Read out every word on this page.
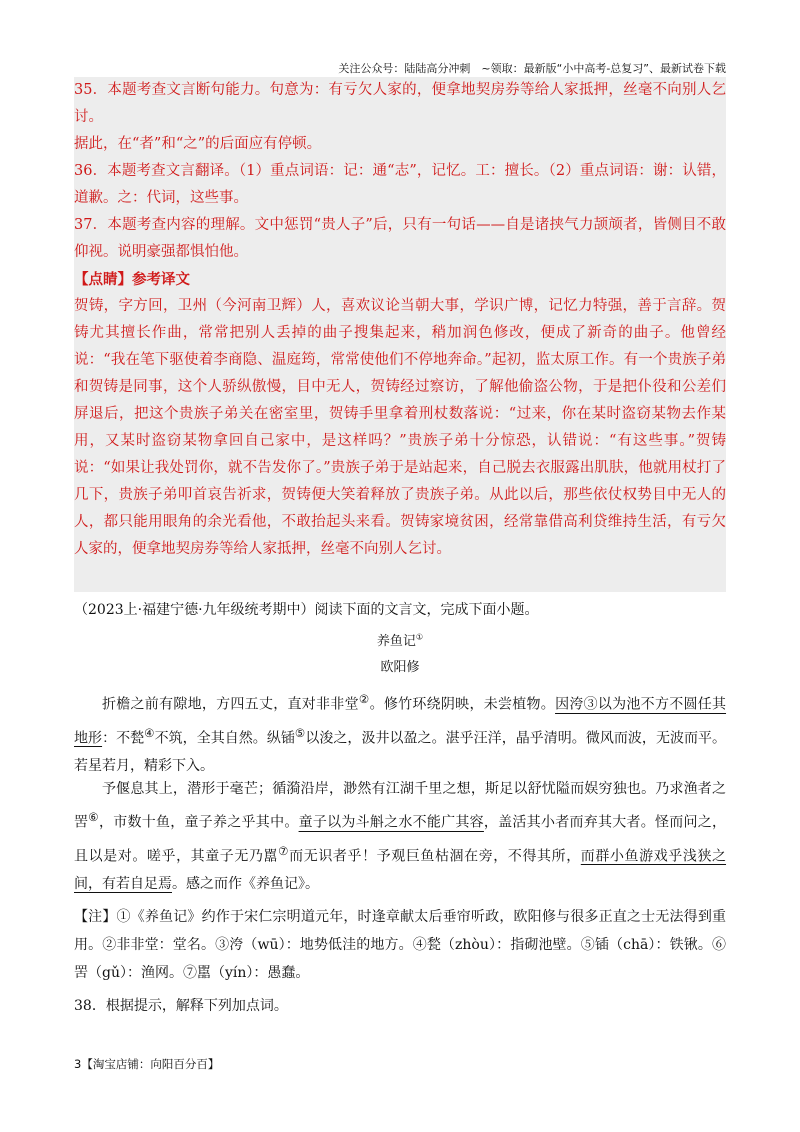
关注公众号：陆陆高分冲刺　~领取：最新版“小中高考-总复习”、最新试卷下载

35．本题考查文言断句能力。句意为：有亏欠人家的，便拿地契房券等给人家抵押，丝毫不向别人乞讨。

据此，在“者”和“之”的后面应有停顿。

36．本题考查文言翻译。（1）重点词语：记：通“志”，记忆。工：擅长。（2）重点词语：谢：认错，道歉。之：代词，这些事。

37．本题考查内容的理解。文中惩罚“贵人子”后，只有一句话——自是诸挟气力颉颃者，皆侧目不敢仰视。说明豪强都惧怕他。

【点睛】参考译文

贺铸，字方回，卫州（今河南卫辉）人，喜欢议论当朝大事，学识广博，记忆力特强，善于言辞。贺铸尤其擅长作曲，常常把别人丢掉的曲子搜集起来，稍加润色修改，便成了新奇的曲子。他曾经说：“我在笔下驱使着李商隐、温庭筠，常常使他们不停地奔命。”起初，监太原工作。有一个贵族子弟和贺铸是同事，这个人骄纵傲慢，目中无人，贺铸经过察访，了解他偷盗公物，于是把仆役和公差们屏退后，把这个贵族子弟关在密室里，贺铸手里拿着刑杖数落说：“过来，你在某时盗窃某物去作某用，又某时盗窃某物拿回自己家中，是这样吗？”贵族子弟十分惊恐，认错说：“有这些事。”贺铸说：“如果让我处罚你，就不告发你了。”贵族子弟于是站起来，自己脱去衣服露出肌肤，他就用杖打了几下，贵族子弟叩首哀告祈求，贺铸便大笑着释放了贵族子弟。从此以后，那些依仗权势目中无人的人，都只能用眼角的余光看他，不敢抬起头来看。贺铸家境贫困，经常靠借高利贷维持生活，有亏欠人家的，便拿地契房券等给人家抵押，丝毫不向别人乞讨。

（2023上·福建宁德·九年级统考期中）阅读下面的文言文，完成下面小题。
养鱼记①
欧阳修

折檐之前有隙地，方四五丈，直对非非堂②。修竹环绕阴映，未尝植物。因洿③以为池不方不圆任其地形：不甃④不筑，全其自然。纵锸⑤以浚之，汲井以盈之。湛乎汪洋，晶乎清明。微风而波，无波而平。若星若月，精彩下入。

予偃息其上，潜形于毫芒；循漪沿岸，渺然有江湖千里之想，斯足以舒忧隘而娱穷独也。乃求渔者之罟⑥，市数十鱼，童子养之乎其中。童子以为斗斛之水不能广其容，盖活其小者而弃其大者。怪而问之，且以是对。嗟乎，其童子无乃嚚⑦而无识者乎！予观巨鱼枯涸在旁，不得其所，而群小鱼游戏乎浅狭之间，有若自足焉。感之而作《养鱼记》。

【注】①《养鱼记》约作于宋仁宗明道元年，时逢章献太后垂帘听政，欧阳修与很多正直之士无法得到重用。②非非堂：堂名。③洿（wū）：地势低洼的地方。④甃（zhòu）：指砌池壁。⑤锸（chā）：铁锹。⑥罟（gǔ）：渔网。⑦嚚（yín）：愚蠢。
38．根据提示，解释下列加点词。
3【淘宝店铺：向阳百分百】
